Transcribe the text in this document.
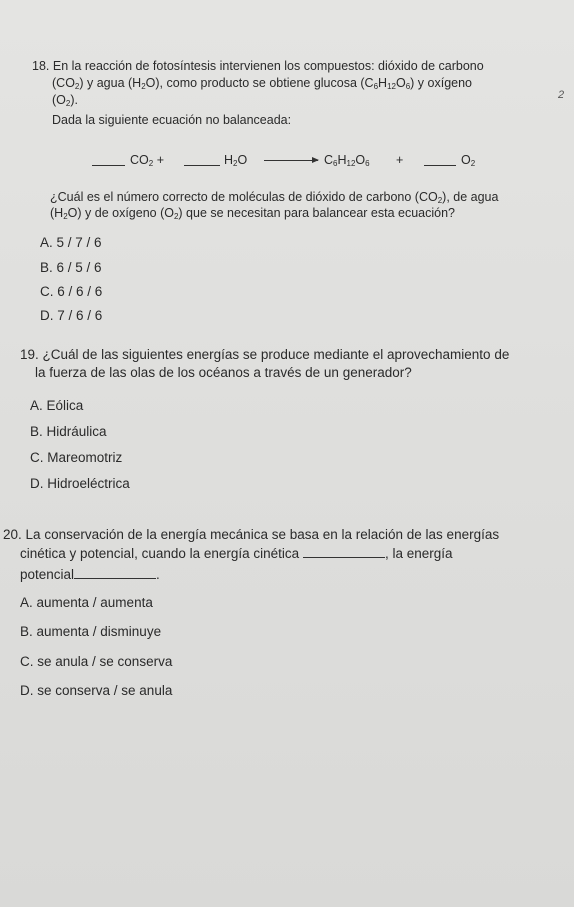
18. En la reacción de fotosíntesis intervienen los compuestos: dióxido de carbono
$(CO_2)$ y agua $(H_2O)$, como producto se obtiene glucosa $(C_6H_{12}O_6)$ y oxígeno
2
$(O_2)$.
Dada la siguiente ecuación no balanceada:
$CO_2$ +	$H_2O \to C_6H_{12}O_6$ +	$O_2$
¿Cuál es el número correcto de moléculas de dióxido de carbono $(CO_2)$, de agua
$(H_2O)$ y de oxígeno $(O_2)$ que se necesitan para balancear esta ecuación?
A. 5 / 7 / 6
B. 6 / 5 / 6
C. 6 / 6 / 6
D. 7 / 6 / 6
19. ¿Cuál de las siguientes energías se produce mediante el aprovechamiento de
la fuerza de las olas de los océanos a través de un generador?
A. Eólica
B. Hidráulica
C. Mareomotriz
D. Hidroeléctrica
20. La conservación de la energía mecánica se basa en la relación de las energías
cinética y potencial, cuando la energía cinética	, la energía
potencial	.
A. aumenta / aumenta
B. aumenta / disminuye
C. se anula / se conserva
D. se conserva / se anula
